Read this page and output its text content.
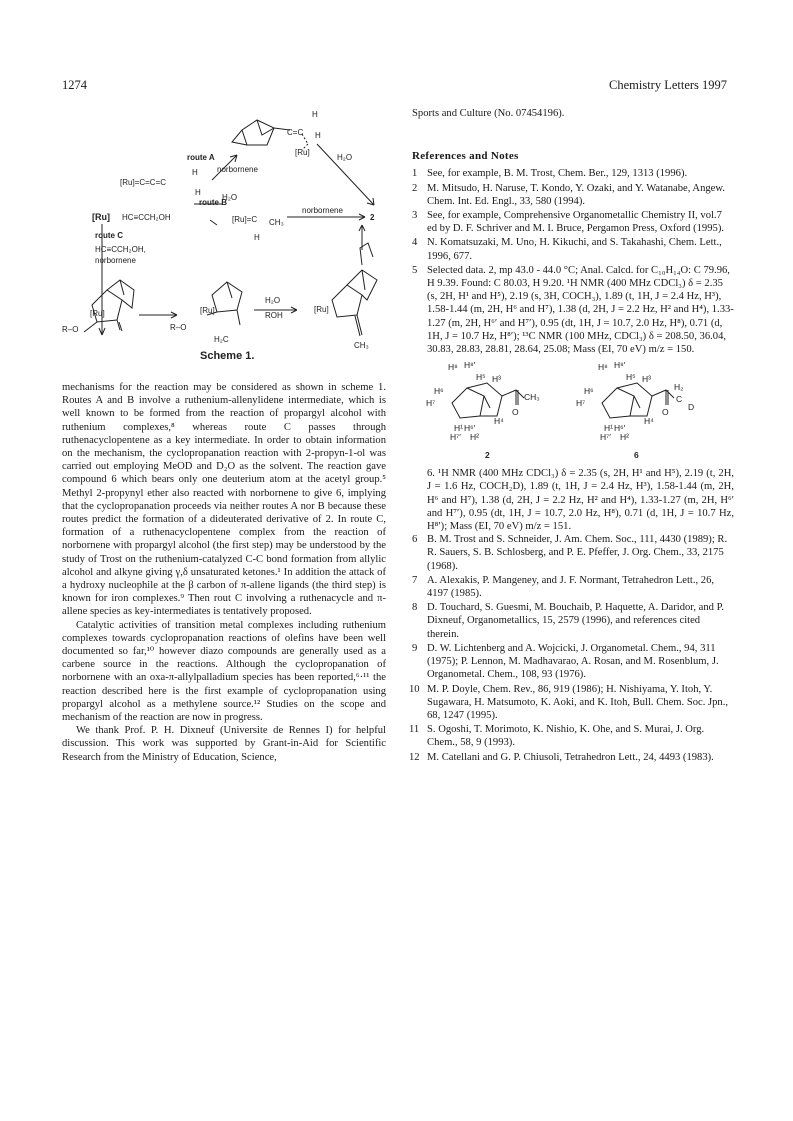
1274	Chemistry Letters 1997
[Ru] HC≡CCH₂OH
[Ru]=C=C=C
H
H
route A
norbornene
H₂O
route B
[Ru]=C CH₃
H
norbornene
2
C=C
H
H
[Ru]
H₂O
route C
HC≡CCH₂OH,
norbornene
[Ru]
R–O	R–O
[Ru]
H₂C
H₂O
ROH
[Ru]
CH₃
Scheme 1.

mechanisms for the reaction may be considered as shown in scheme 1. Routes A and B involve a ruthenium-allenylidene intermediate, which is well known to be formed from the reaction of propargyl alcohol with ruthenium complexes,⁸ whereas route C passes through ruthenacyclopentene as a key intermediate. In order to obtain information on the mechanism, the cyclopropanation reaction with 2-propyn-1-ol was carried out employing MeOD and D₂O as the solvent. The reaction gave compound 6 which bears only one deuterium atom at the acetyl group.⁵ Methyl 2-propynyl ether also reacted with norbornene to give 6, implying that the cyclopropanation proceeds via neither routes A nor B because these routes predict the formation of a dideuterated derivative of 2. In route C, formation of a ruthenacyclopentene complex from the reaction of norbornene with propargyl alcohol (the first step) may be understood by the study of Trost on the ruthenium-catalyzed C-C bond formation from allylic alcohol and alkyne giving γ,δ unsaturated ketones.¹ In addition the attack of a hydroxy nucleophile at the β carbon of π-allene ligands (the third step) is known for iron complexes.⁹ Then rout C involving a ruthenacycle and π-allene species as key-intermediates is tentatively proposed.

Catalytic activities of transition metal complexes including ruthenium complexes towards cyclopropanation reactions of olefins have been well documented so far,¹⁰ however diazo compounds are generally used as a carbene source in the reactions. Although the cyclopropanation of norbornene with an oxa-π-allylpalladium species has been reported,⁶·¹¹ the reaction described here is the first example of cyclopropanation using propargyl alcohol as a methylene source.¹² Studies on the scope and mechanism of the reaction are now in progress.

We thank Prof. P. H. Dixneuf (Universite de Rennes I) for helpful discussion. This work was supported by Grant-in-Aid for Scientific Research from the Ministry of Education, Science,

Sports and Culture (No. 07454196).

References and Notes
1 See, for example, B. M. Trost, Chem. Ber., 129, 1313 (1996).
2 M. Mitsudo, H. Naruse, T. Kondo, Y. Ozaki, and Y. Watanabe, Angew. Chem. Int. Ed. Engl., 33, 580 (1994).
3 See, for example, Comprehensive Organometallic Chemistry II, vol.7 ed by D. F. Schriver and M. I. Bruce, Pergamon Press, Oxford (1995).
4 N. Komatsuzaki, M. Uno, H. Kikuchi, and S. Takahashi, Chem. Lett., 1996, 677.
5 Selected data. 2, mp 43.0 - 44.0 °C; Anal. Calcd. for C₁₀H₁₄O: C 79.96, H 9.39. Found: C 80.03, H 9.20. ¹H NMR (400 MHz CDCl₃) δ = 2.35 (s, 2H, H¹ and H⁵), 2.19 (s, 3H, COCH₃), 1.89 (t, 1H, J = 2.4 Hz, H³), 1.58-1.44 (m, 2H, H⁶ and H⁷), 1.38 (d, 2H, J = 2.2 Hz, H² and H⁴), 1.33-1.27 (m, 2H, H⁶′ and H⁷′), 0.95 (dt, 1H, J = 10.7, 2.0 Hz, H⁸), 0.71 (d, 1H, J = 10.7 Hz, H⁸′); ¹³C NMR (100 MHz, CDCl₃) δ = 208.50, 36.04, 30.83, 28.83, 28.81, 28.64, 25.08; Mass (EI, 70 eV) m/z = 150.
H⁸ H⁸′
H⁵ H³
H⁶
H⁷
H¹ H⁶′
H⁴
H²
H⁷′
CH₃
O
H⁸ H⁸′
H⁵ H³
H⁶
H⁷
H¹ H⁶′
H⁴
H²
H⁷′
H₂
C
D
O
2	6

6. ¹H NMR (400 MHz CDCl₃) δ = 2.35 (s, 2H, H¹ and H⁵), 2.19 (t, 2H, J = 1.6 Hz, COCH₂D), 1.89 (t, 1H, J = 2.4 Hz, H³), 1.58-1.44 (m, 2H, H⁶ and H⁷), 1.38 (d, 2H, J = 2.2 Hz, H² and H⁴), 1.33-1.27 (m, 2H, H⁶′ and H⁷′), 0.95 (dt, 1H, J = 10.7, 2.0 Hz, H⁸), 0.71 (d, 1H, J = 10.7 Hz, H⁸′); Mass (EI, 70 eV) m/z = 151.

6 B. M. Trost and S. Schneider, J. Am. Chem. Soc., 111, 4430 (1989); R. R. Sauers, S. B. Schlosberg, and P. E. Pfeffer, J. Org. Chem., 33, 2175 (1968).
7 A. Alexakis, P. Mangeney, and J. F. Normant, Tetrahedron Lett., 26, 4197 (1985).
8 D. Touchard, S. Guesmi, M. Bouchaib, P. Haquette, A. Daridor, and P. Dixneuf, Organometallics, 15, 2579 (1996), and references cited therein.
9 D. W. Lichtenberg and A. Wojcicki, J. Organometal. Chem., 94, 311 (1975); P. Lennon, M. Madhavarao, A. Rosan, and M. Rosenblum, J. Organometal. Chem., 108, 93 (1976).
10 M. P. Doyle, Chem. Rev., 86, 919 (1986); H. Nishiyama, Y. Itoh, Y. Sugawara, H. Matsumoto, K. Aoki, and K. Itoh, Bull. Chem. Soc. Jpn., 68, 1247 (1995).
11 S. Ogoshi, T. Morimoto, K. Nishio, K. Ohe, and S. Murai, J. Org. Chem., 58, 9 (1993).
12 M. Catellani and G. P. Chiusoli, Tetrahedron Lett., 24, 4493 (1983).
